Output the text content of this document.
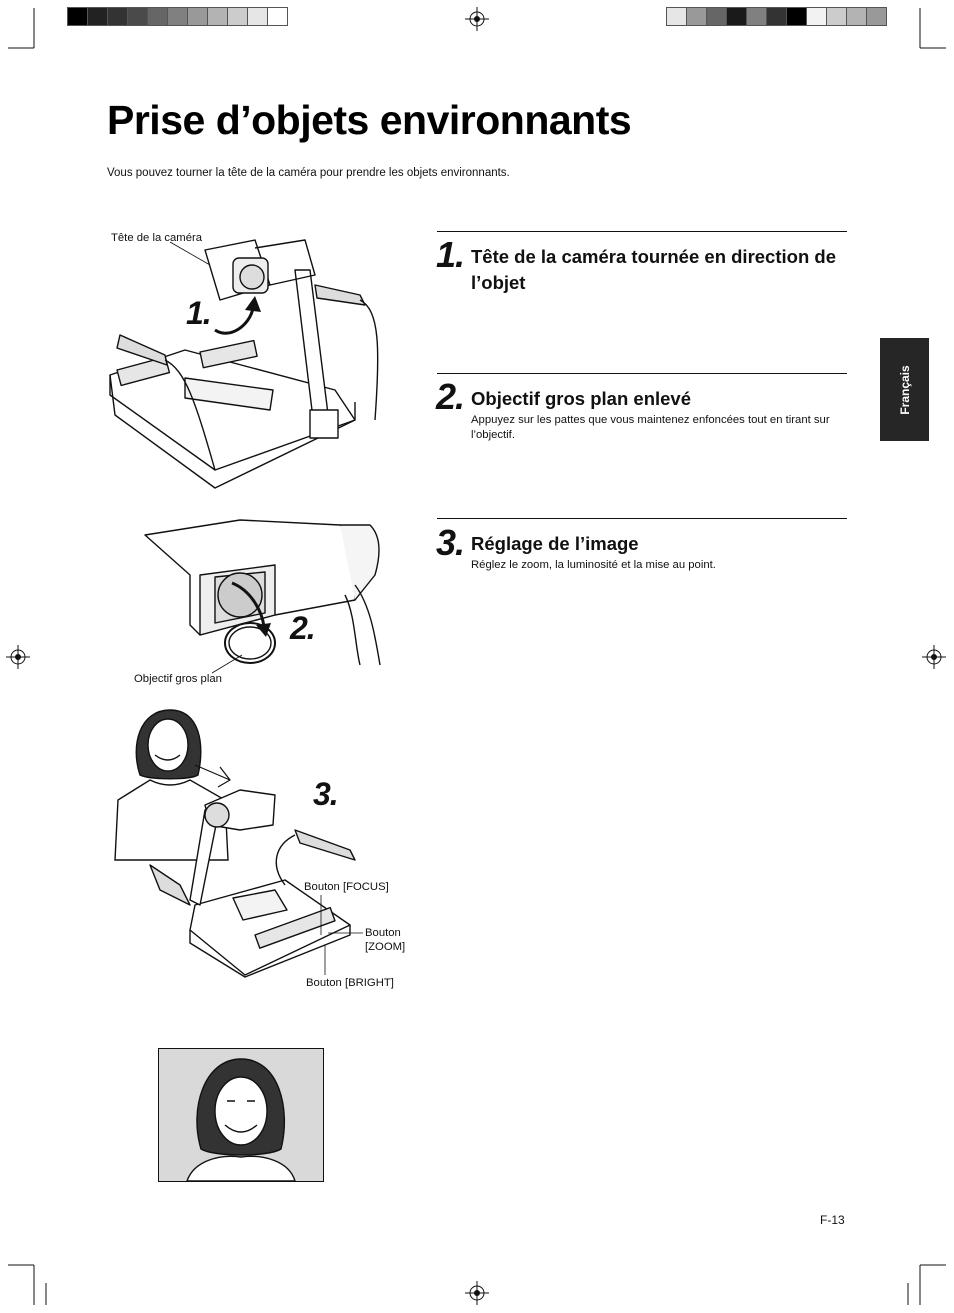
Prise d’objets environnants
Vous pouvez tourner la tête de la caméra pour prendre les objets environnants.
Français
1. Tête de la caméra tournée en direction de l’objet
2. Objectif gros plan enlevé
Appuyez sur les pattes que vous maintenez enfoncées tout en tirant sur l’objectif.
3. Réglage de l’image
Réglez le zoom, la luminosité et la mise au point.
Tête de la caméra
1.
Objectif gros plan
2.
3.
Bouton [FOCUS]
Bouton
[ZOOM]
Bouton [BRIGHT]
F-13
